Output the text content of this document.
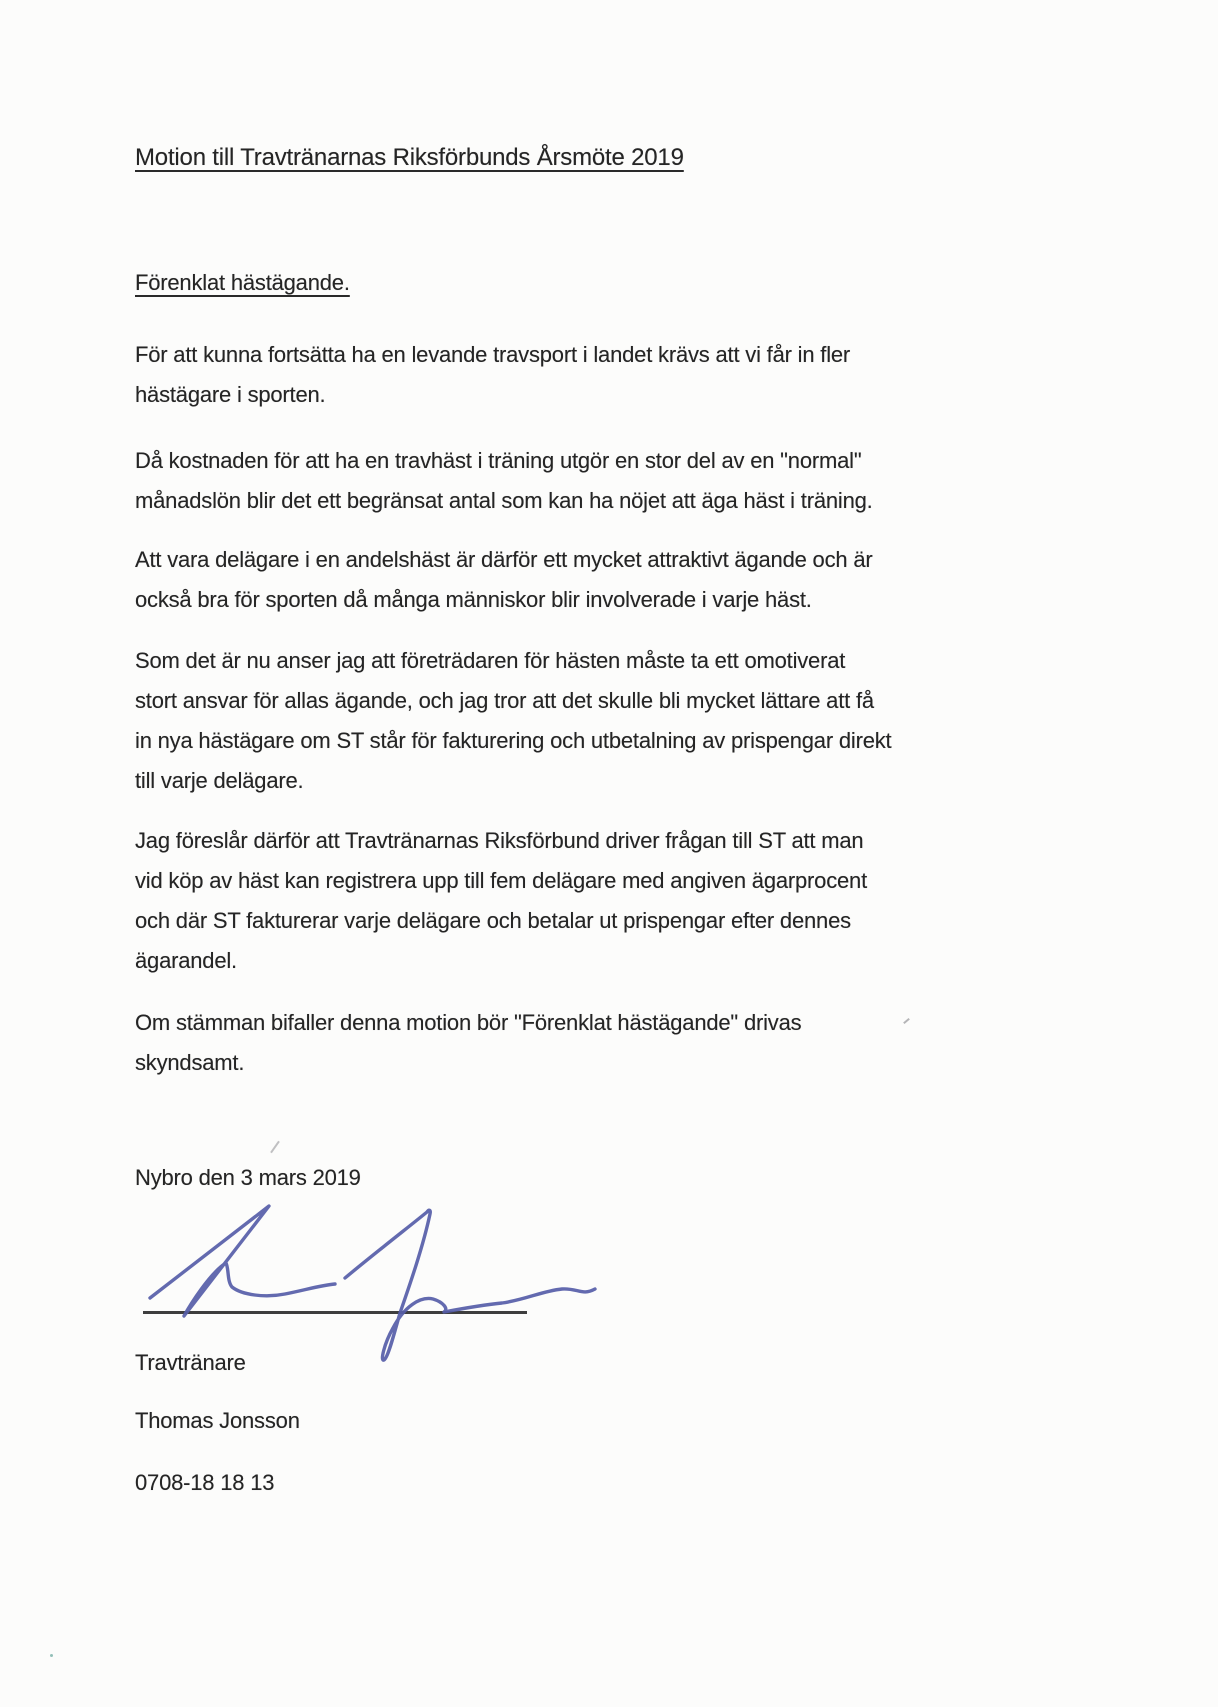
Motion till Travtränarnas Riksförbunds Årsmöte 2019
Förenklat hästägande.
För att kunna fortsätta ha en levande travsport i landet krävs att vi får in fler
hästägare i sporten.
Då kostnaden för att ha en travhäst i träning utgör en stor del av en "normal"
månadslön blir det ett begränsat antal som kan ha nöjet att äga häst i träning.
Att vara delägare i en andelshäst är därför ett mycket attraktivt ägande och är
också bra för sporten då många människor blir involverade i varje häst.
Som det är nu anser jag att företrädaren för hästen måste ta ett omotiverat
stort ansvar för allas ägande, och jag tror att det skulle bli mycket lättare att få
in nya hästägare om ST står för fakturering och utbetalning av prispengar direkt
till varje delägare.
Jag föreslår därför att Travtränarnas Riksförbund driver frågan till ST att man
vid köp av häst kan registrera upp till fem delägare med angiven ägarprocent
och där ST fakturerar varje delägare och betalar ut prispengar efter dennes
ägarandel.
Om stämman bifaller denna motion bör "Förenklat hästägande" drivas
skyndsamt.
Nybro den 3 mars 2019
Travtränare
Thomas Jonsson
0708-18 18 13
